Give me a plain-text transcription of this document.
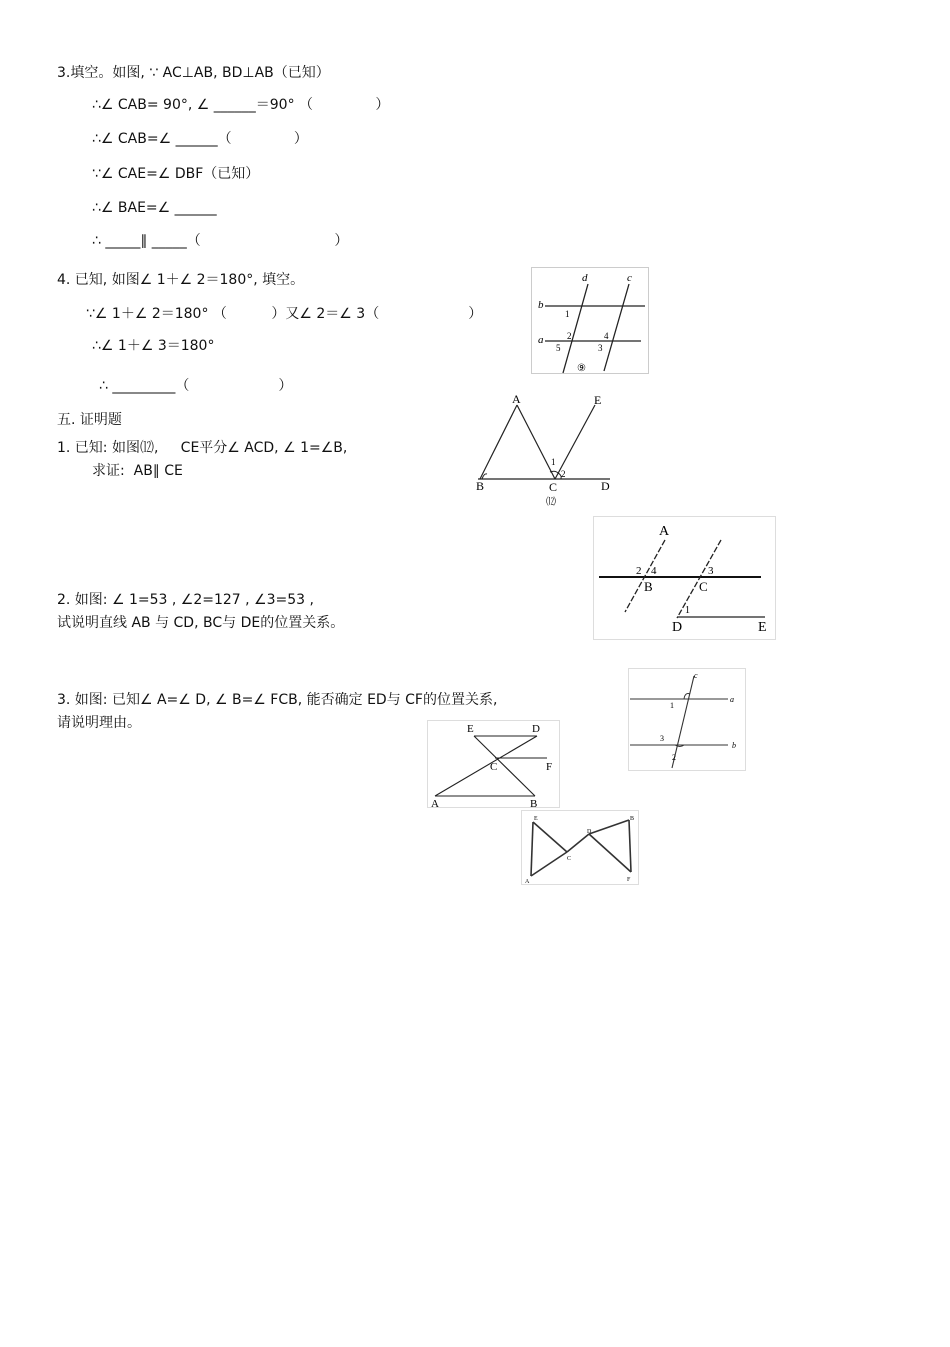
3.填空。如图, ∵ AC⊥AB, BD⊥AB（已知）
∴∠ CAB= 90°, ∠ ______＝90° （              ）
∴∠ CAB=∠ ______（              ）
∵∠ CAE=∠ DBF（已知）
∴∠ BAE=∠ ______
∴ _____∥ _____（                              ）
4. 已知, 如图∠ 1＋∠ 2＝180°, 填空。
∵∠ 1＋∠ 2＝180° （          ）又∠ 2＝∠ 3（                    ）
∴∠ 1＋∠ 3＝180°
∴ _________（                    ）
五. 证明题
1. 已知: 如图⑿,     CE平分∠ ACD, ∠ 1=∠B,
求证:  AB∥ CE
2. 如图: ∠ 1=53 , ∠2=127 , ∠3=53 ,
试说明直线 AB 与 CD, BC与 DE的位置关系。
3. 如图: 已知∠ A=∠ D, ∠ B=∠ FCB, 能否确定 ED与 CF的位置关系,
请说明理由。
d	c
b
a
1
2
5
4
3
⑨
A	E
B	C	D
1
2
⑿
A
2 4
B
3
C
1
D	E
c
a
b
1
3
2
E	D
C	F
A	B
E	B
D
C
A	F
